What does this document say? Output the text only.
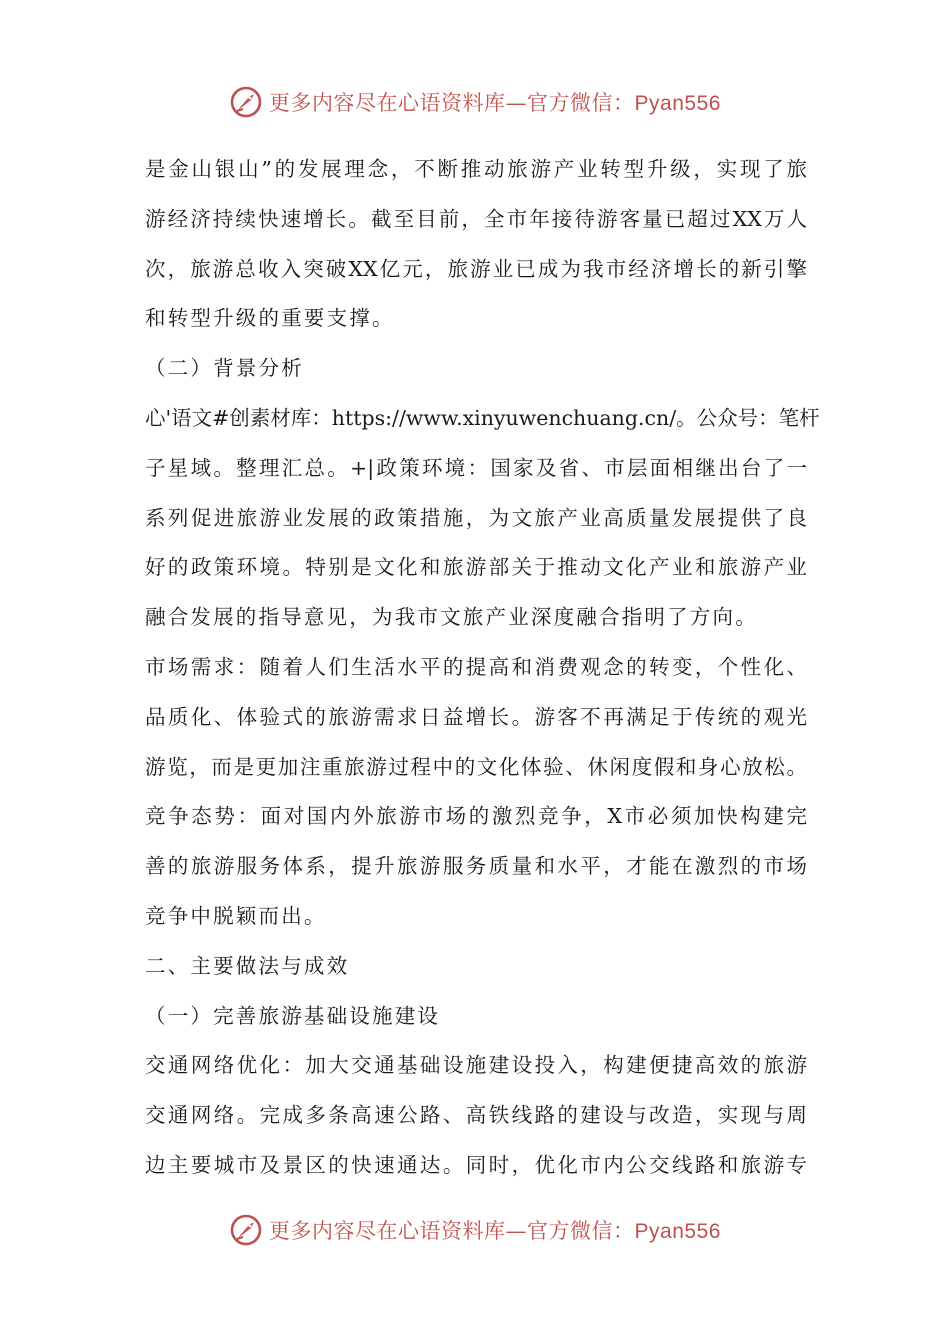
更多内容尽在心语资料库—官方微信：Pyan556
是金山银山”的发展理念，不断推动旅游产业转型升级，实现了旅
游经济持续快速增长。截至目前，全市年接待游客量已超过XX万人
次，旅游总收入突破XX亿元，旅游业已成为我市经济增长的新引擎
和转型升级的重要支撑。
（二）背景分析
心'语文#创素材库：https://www.xinyuwenchuang.cn/。公众号：笔杆
子星域。整理汇总。+|政策环境：国家及省、市层面相继出台了一
系列促进旅游业发展的政策措施，为文旅产业高质量发展提供了良
好的政策环境。特别是文化和旅游部关于推动文化产业和旅游产业
融合发展的指导意见，为我市文旅产业深度融合指明了方向。
市场需求：随着人们生活水平的提高和消费观念的转变，个性化、
品质化、体验式的旅游需求日益增长。游客不再满足于传统的观光
游览，而是更加注重旅游过程中的文化体验、休闲度假和身心放松。
竞争态势：面对国内外旅游市场的激烈竞争，X市必须加快构建完
善的旅游服务体系，提升旅游服务质量和水平，才能在激烈的市场
竞争中脱颖而出。
二、主要做法与成效
（一）完善旅游基础设施建设
交通网络优化：加大交通基础设施建设投入，构建便捷高效的旅游
交通网络。完成多条高速公路、高铁线路的建设与改造，实现与周
边主要城市及景区的快速通达。同时，优化市内公交线路和旅游专
更多内容尽在心语资料库—官方微信：Pyan556
